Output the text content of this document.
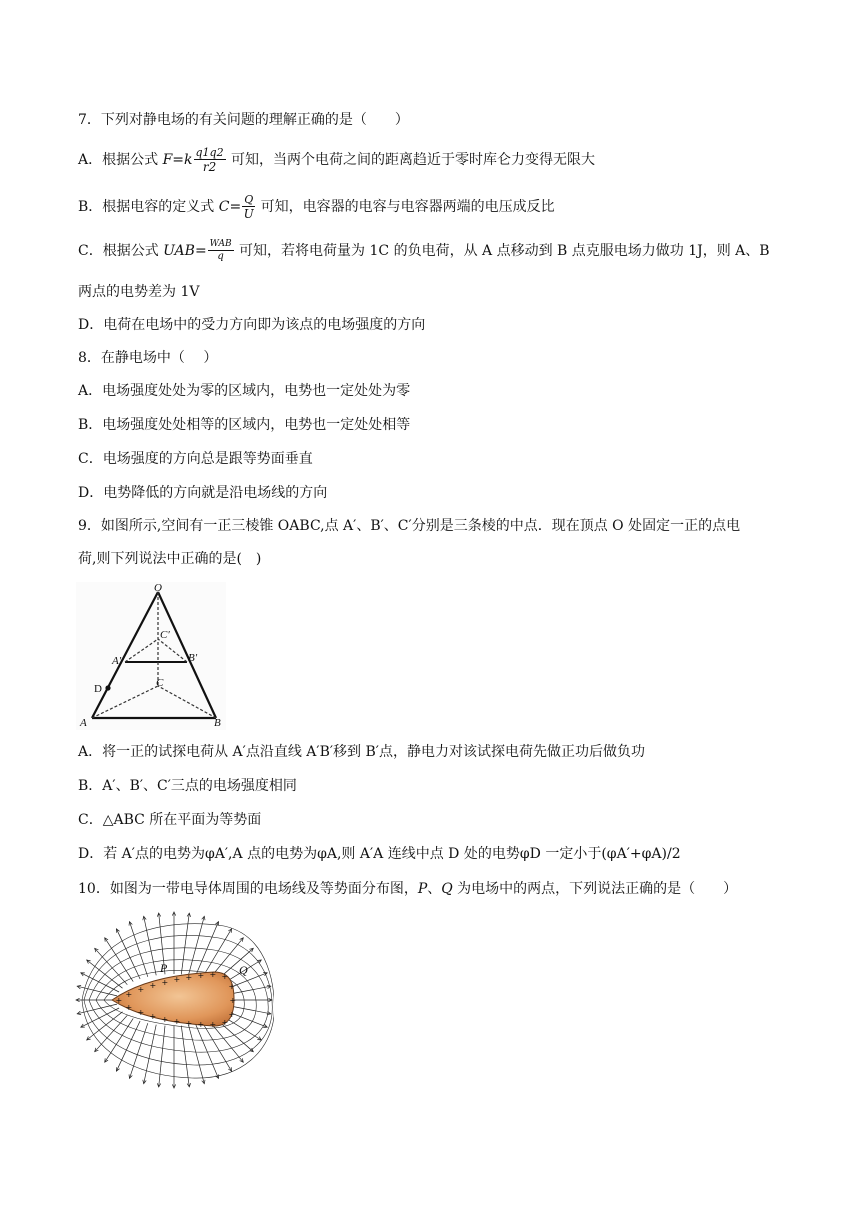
7．下列对静电场的有关问题的理解正确的是（　　）
A．根据公式 $F=k \frac{q1q2}{r2}$ 可知，当两个电荷之间的距离趋近于零时库仑力变得无限大
B．根据电容的定义式 $C= \frac{Q}{U}$ 可知，电容器的电容与电容器两端的电压成反比
C．根据公式 $UAB= \frac{\text{WAB}}{q}$ 可知，若将电荷量为 1C 的负电荷，从 A 点移动到 B 点克服电场力做功 1J，则 A、B
两点的电势差为 1V
D．电荷在电场中的受力方向即为该点的电场强度的方向
8．在静电场中（　 ）
A．电场强度处处为零的区域内，电势也一定处处为零
B．电场强度处处相等的区域内，电势也一定处处相等
C．电场强度的方向总是跟等势面垂直
D．电势降低的方向就是沿电场线的方向
9．如图所示,空间有一正三棱锥 OABC,点 A′、B′、C′分别是三条棱的中点．现在顶点 O 处固定一正的点电
荷,则下列说法中正确的是(　)
O
C′
A′	B′
D	C
A	B
A．将一正的试探电荷从 A′点沿直线 A′B′移到 B′点，静电力对该试探电荷先做正功后做负功
B．A′、B′、C′三点的电场强度相同
C．△ABC 所在平面为等势面
D．若 A′点的电势为φA′,A 点的电势为φA,则 A′A 连线中点 D 处的电势φD 一定小于(φA′+φA)/2
10．如图为一带电导体周围的电场线及等势面分布图，P、Q 为电场中的两点，下列说法正确的是（　　）
+
+
+ + + + + + + +
+
+
+
+
+
+
+
+
+
+
+
+
P	Q
